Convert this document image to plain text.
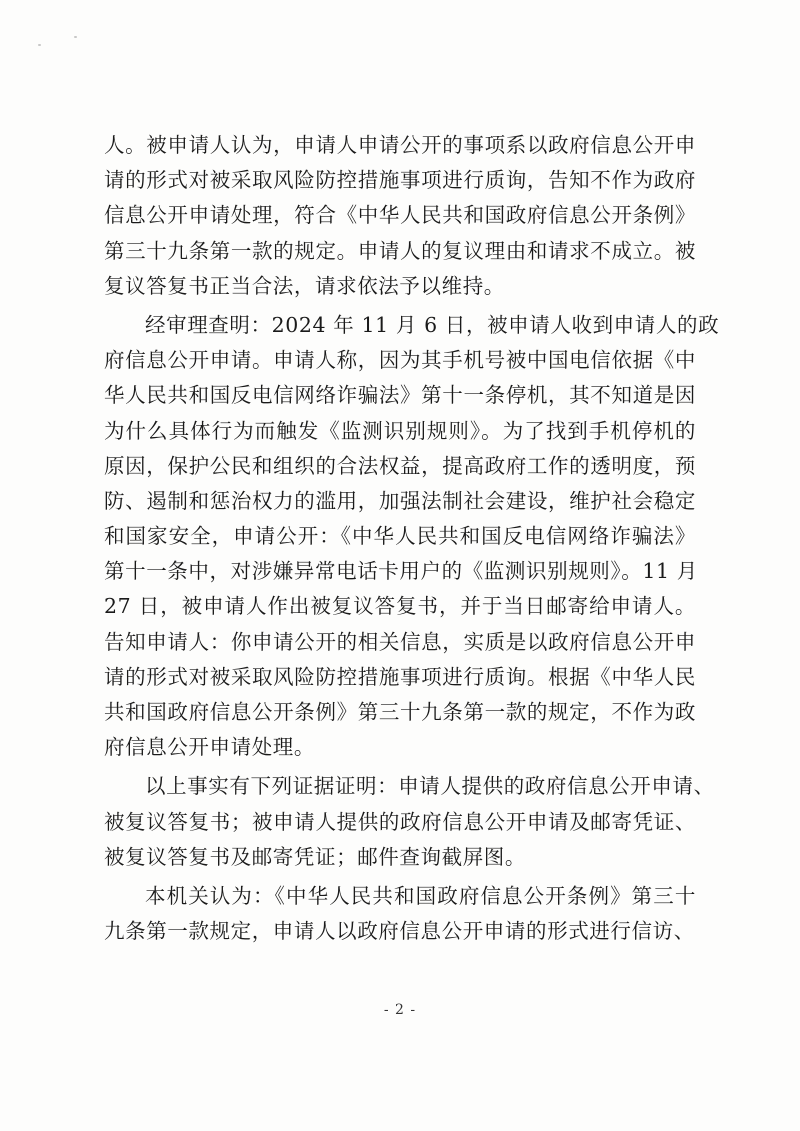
人。被申请人认为，申请人申请公开的事项系以政府信息公开申
请的形式对被采取风险防控措施事项进行质询，告知不作为政府
信息公开申请处理，符合《中华人民共和国政府信息公开条例》
第三十九条第一款的规定。申请人的复议理由和请求不成立。被
复议答复书正当合法，请求依法予以维持。
经审理查明：2024 年 11 月 6 日，被申请人收到申请人的政
府信息公开申请。申请人称，因为其手机号被中国电信依据《中
华人民共和国反电信网络诈骗法》第十一条停机，其不知道是因
为什么具体行为而触发《监测识别规则》。为了找到手机停机的
原因，保护公民和组织的合法权益，提高政府工作的透明度，预
防、遏制和惩治权力的滥用，加强法制社会建设，维护社会稳定
和国家安全，申请公开：《中华人民共和国反电信网络诈骗法》
第十一条中，对涉嫌异常电话卡用户的《监测识别规则》。11 月
27 日，被申请人作出被复议答复书，并于当日邮寄给申请人。
告知申请人：你申请公开的相关信息，实质是以政府信息公开申
请的形式对被采取风险防控措施事项进行质询。根据《中华人民
共和国政府信息公开条例》第三十九条第一款的规定，不作为政
府信息公开申请处理。
以上事实有下列证据证明：申请人提供的政府信息公开申请、
被复议答复书；被申请人提供的政府信息公开申请及邮寄凭证、
被复议答复书及邮寄凭证；邮件查询截屏图。
本机关认为：《中华人民共和国政府信息公开条例》第三十
九条第一款规定，申请人以政府信息公开申请的形式进行信访、
- 2 -
